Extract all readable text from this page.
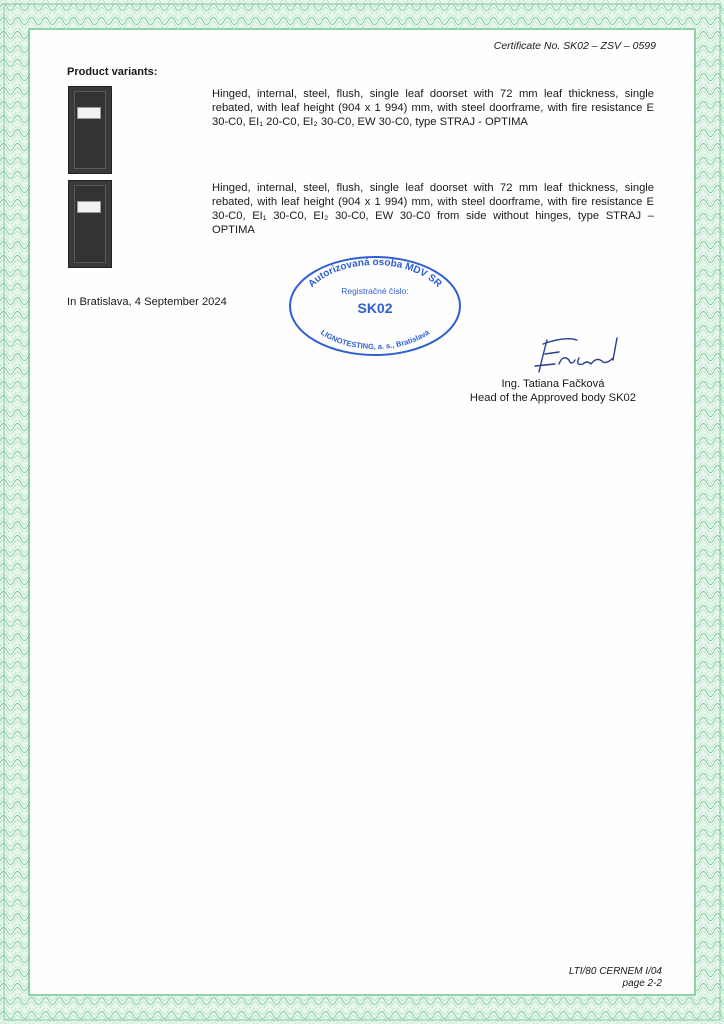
Certificate No. SK02 – ZSV – 0599
Product variants:
Hinged, internal, steel, flush, single leaf doorset with 72 mm leaf thickness, single rebated, with leaf height (904 x 1 994) mm, with steel doorframe, with fire resistance E 30-C0, EI₁ 20-C0, EI₂ 30-C0, EW 30-C0, type STRAJ - OPTIMA
Hinged, internal, steel, flush, single leaf doorset with 72 mm leaf thickness, single rebated, with leaf height (904 x 1 994) mm, with steel doorframe, with fire resistance E 30-C0, EI₁ 30-C0, EI₂ 30-C0, EW 30-C0 from side without hinges, type STRAJ – OPTIMA
In Bratislava, 4 September 2024
Autorizovaná osoba MDV SR
LIGNOTESTING, a. s., Bratislava
Registračné číslo:
SK02
Ing. Tatiana Fačková
Head of the Approved body SK02
LTI/80 CERNEM I/04
page 2-2
